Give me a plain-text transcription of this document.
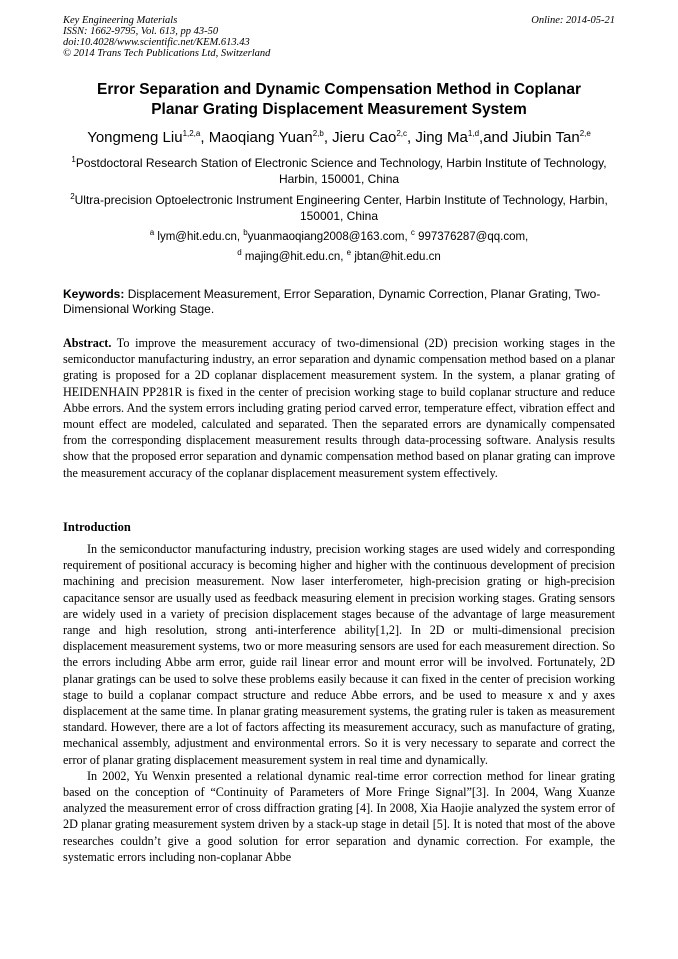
Key Engineering Materials
ISSN: 1662-9795, Vol. 613, pp 43-50
doi:10.4028/www.scientific.net/KEM.613.43
© 2014 Trans Tech Publications Ltd, Switzerland
Online: 2014-05-21
Error Separation and Dynamic Compensation Method in Coplanar
Planar Grating Displacement Measurement System
Yongmeng Liu$^{1,2,a}$, Maoqiang Yuan$^{2,b}$, Jieru Cao$^{2,c}$, Jing Ma$^{1,d}$,and Jiubin Tan$^{2,e}$
$^1$Postdoctoral Research Station of Electronic Science and Technology, Harbin Institute of Technology, Harbin, 150001, China
$^2$Ultra-precision Optoelectronic Instrument Engineering Center, Harbin Institute of Technology, Harbin, 150001, China
$^a$ lym@hit.edu.cn, $^b$yuanmaoqiang2008@163.com, $^c$ 997376287@qq.com,
$^d$ majing@hit.edu.cn, $^e$ jbtan@hit.edu.cn
Keywords: Displacement Measurement, Error Separation, Dynamic Correction, Planar Grating, Two-Dimensional Working Stage.

Abstract. To improve the measurement accuracy of two-dimensional (2D) precision working stages in the semiconductor manufacturing industry, an error separation and dynamic compensation method based on a planar grating is proposed for a 2D coplanar displacement measurement system. In the system, a planar grating of HEIDENHAIN PP281R is fixed in the center of precision working stage to build coplanar structure and reduce Abbe errors. And the system errors including grating period carved error, temperature effect, vibration effect and mount effect are modeled, calculated and separated. Then the separated errors are dynamically compensated from the corresponding displacement measurement results through data-processing software. Analysis results show that the proposed error separation and dynamic compensation method based on planar grating can improve the measurement accuracy of the coplanar displacement measurement system effectively.

Introduction

In the semiconductor manufacturing industry, precision working stages are used widely and corresponding requirement of positional accuracy is becoming higher and higher with the continuous development of precision machining and precision measurement. Now laser interferometer, high-precision grating or high-precision capacitance sensor are usually used as feedback measuring element in precision working stages. Grating sensors are widely used in a variety of precision displacement stages because of the advantage of large measurement range and high resolution, strong anti-interference ability[1,2]. In 2D or multi-dimensional precision displacement measurement systems, two or more measuring sensors are used for each measurement direction. So the errors including Abbe arm error, guide rail linear error and mount error will be involved. Fortunately, 2D planar gratings can be used to solve these problems easily because it can fixed in the center of precision working stage to build a coplanar compact structure and reduce Abbe errors, and be used to measure x and y axes displacement at the same time. In planar grating measurement systems, the grating ruler is taken as measurement standard. However, there are a lot of factors affecting its measurement accuracy, such as manufacture of grating, mechanical assembly, adjustment and environmental errors. So it is very necessary to separate and correct the error of planar grating displacement measurement system in real time and dynamically.

In 2002, Yu Wenxin presented a relational dynamic real-time error correction method for linear grating based on the conception of “Continuity of Parameters of More Fringe Signal”[3]. In 2004, Wang Xuanze analyzed the measurement error of cross diffraction grating [4]. In 2008, Xia Haojie analyzed the system error of 2D planar grating measurement system driven by a stack-up stage in detail [5]. It is noted that most of the above researches couldn’t give a good solution for error separation and dynamic correction. For example, the systematic errors including non-coplanar Abbe
